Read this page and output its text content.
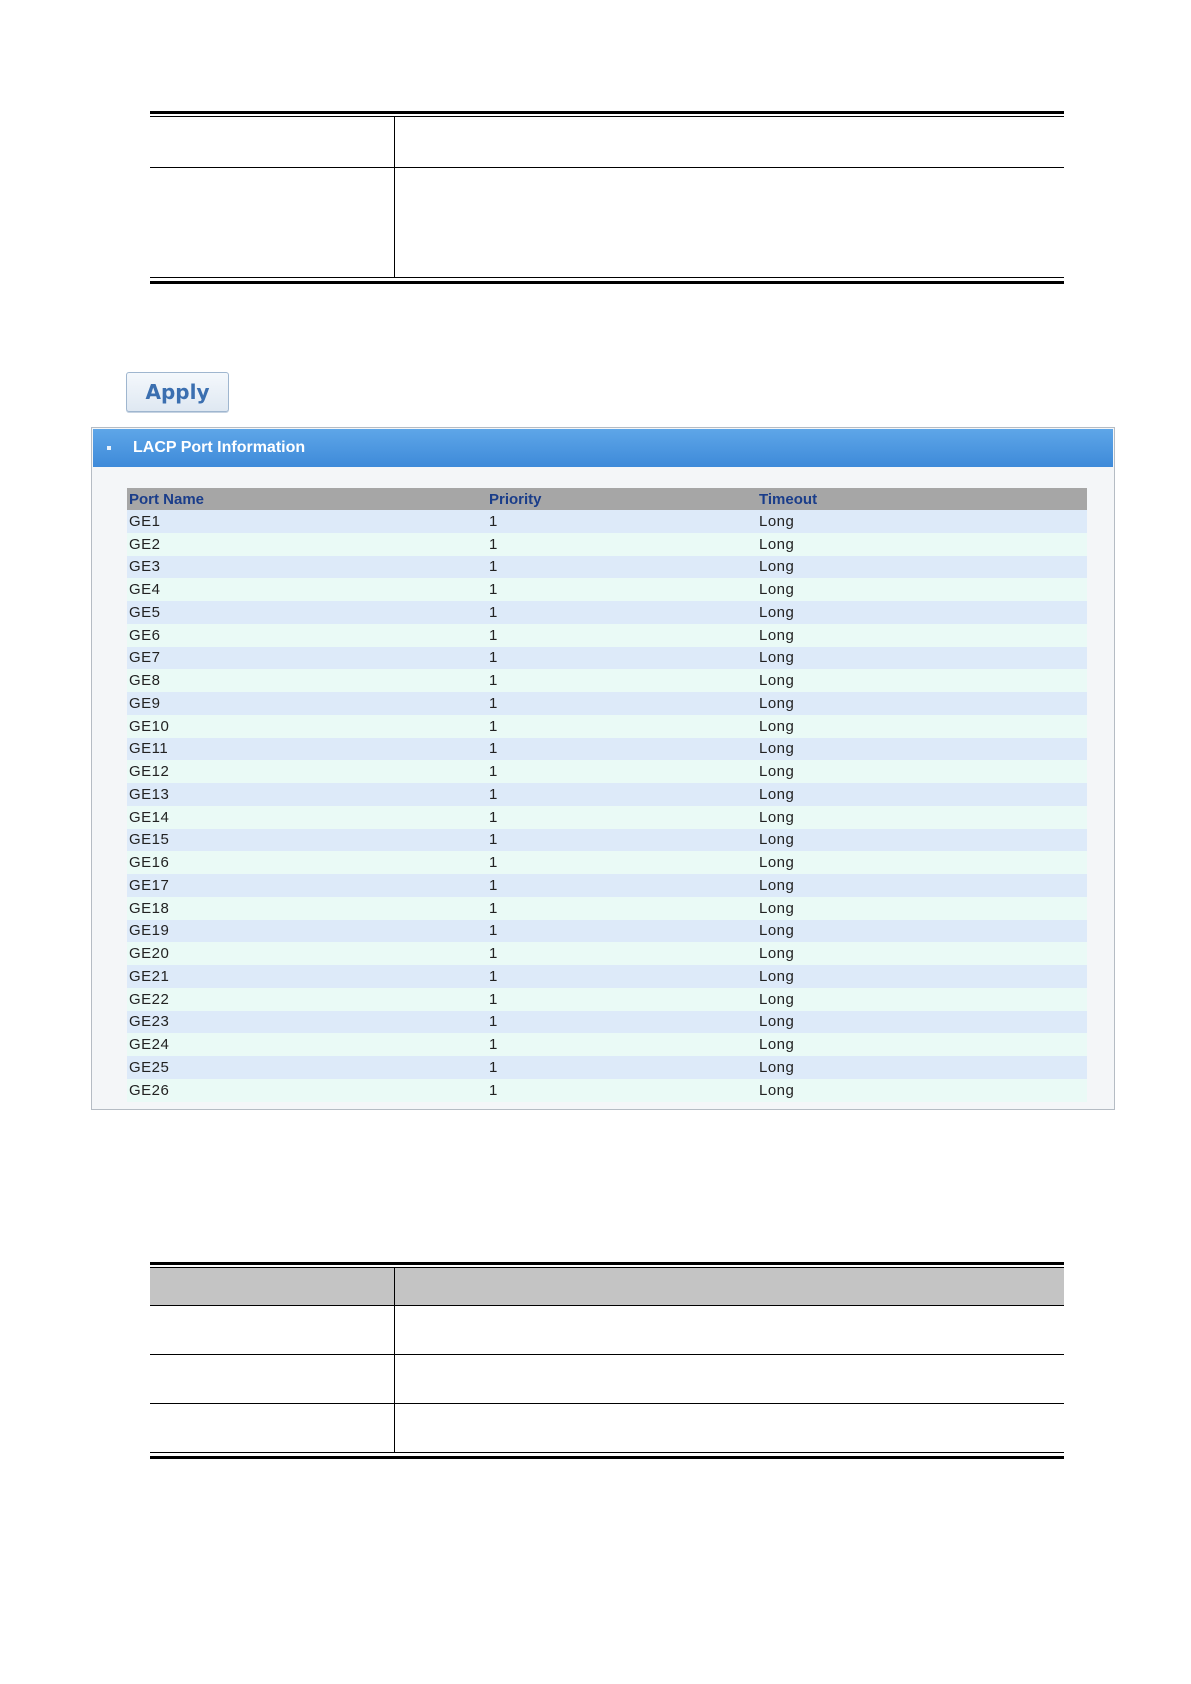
Apply
LACP Port Information
Port Name	Priority	Timeout
GE1	1	Long
GE2	1	Long
GE3	1	Long
GE4	1	Long
GE5	1	Long
GE6	1	Long
GE7	1	Long
GE8	1	Long
GE9	1	Long
GE10	1	Long
GE11	1	Long
GE12	1	Long
GE13	1	Long
GE14	1	Long
GE15	1	Long
GE16	1	Long
GE17	1	Long
GE18	1	Long
GE19	1	Long
GE20	1	Long
GE21	1	Long
GE22	1	Long
GE23	1	Long
GE24	1	Long
GE25	1	Long
GE26	1	Long
